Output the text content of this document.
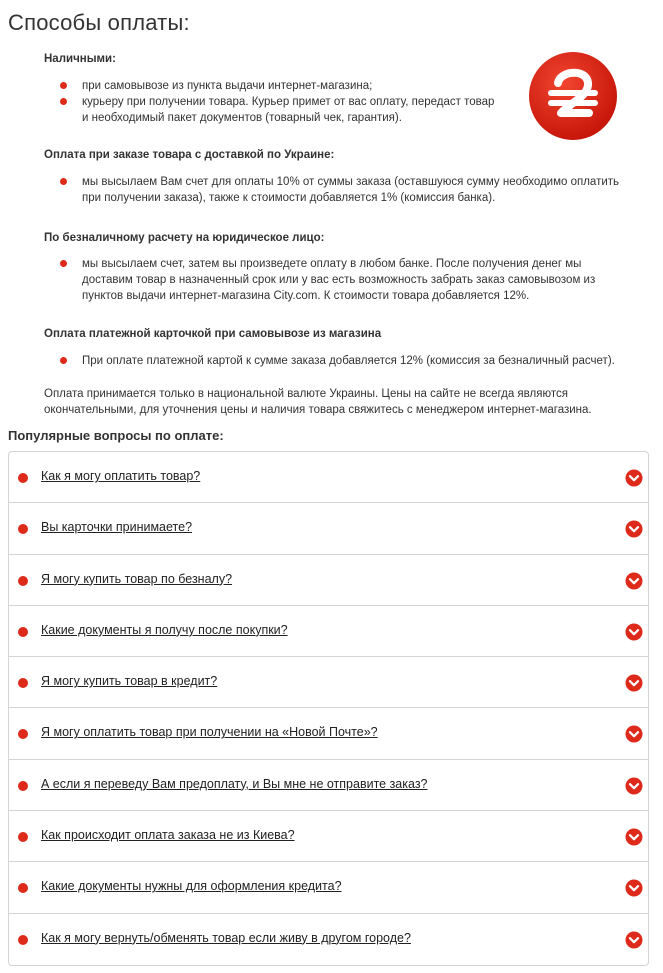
Способы оплаты:
Наличными:
при самовывозе из пункта выдачи интернет-магазина;
курьеру при получении товара. Курьер примет от вас оплату, передаст товар и необходимый пакет документов (товарный чек, гарантия).
Оплата при заказе товара с доставкой по Украине:
мы высылаем Вам счет для оплаты 10% от суммы заказа (оставшуюся сумму необходимо оплатить при получении заказа), также к стоимости добавляется 1% (комиссия банка).
По безналичному расчету на юридическое лицо:
мы высылаем счет, затем вы произведете оплату в любом банке. После получения денег мы доставим товар в назначенный срок или у вас есть возможность забрать заказ самовывозом из пунктов выдачи интернет-магазина City.com. К стоимости товара добавляется 12%.
Оплата платежной карточкой при самовывозе из магазина
При оплате платежной картой к сумме заказа добавляется 12% (комиссия за безналичный расчет).

Оплата принимается только в национальной валюте Украины. Цены на сайте не всегда являются окончательными, для уточнения цены и наличия товара свяжитесь с менеджером интернет-магазина.

Популярные вопросы по оплате:
Как я могу оплатить товар?
Вы карточки принимаете?
Я могу купить товар по безналу?
Какие документы я получу после покупки?
Я могу купить товар в кредит?
Я могу оплатить товар при получении на «Новой Почте»?
А если я переведу Вам предоплату, и Вы мне не отправите заказ?
Как происходит оплата заказа не из Киева?
Какие документы нужны для оформления кредита?
Как я могу вернуть/обменять товар если живу в другом городе?
